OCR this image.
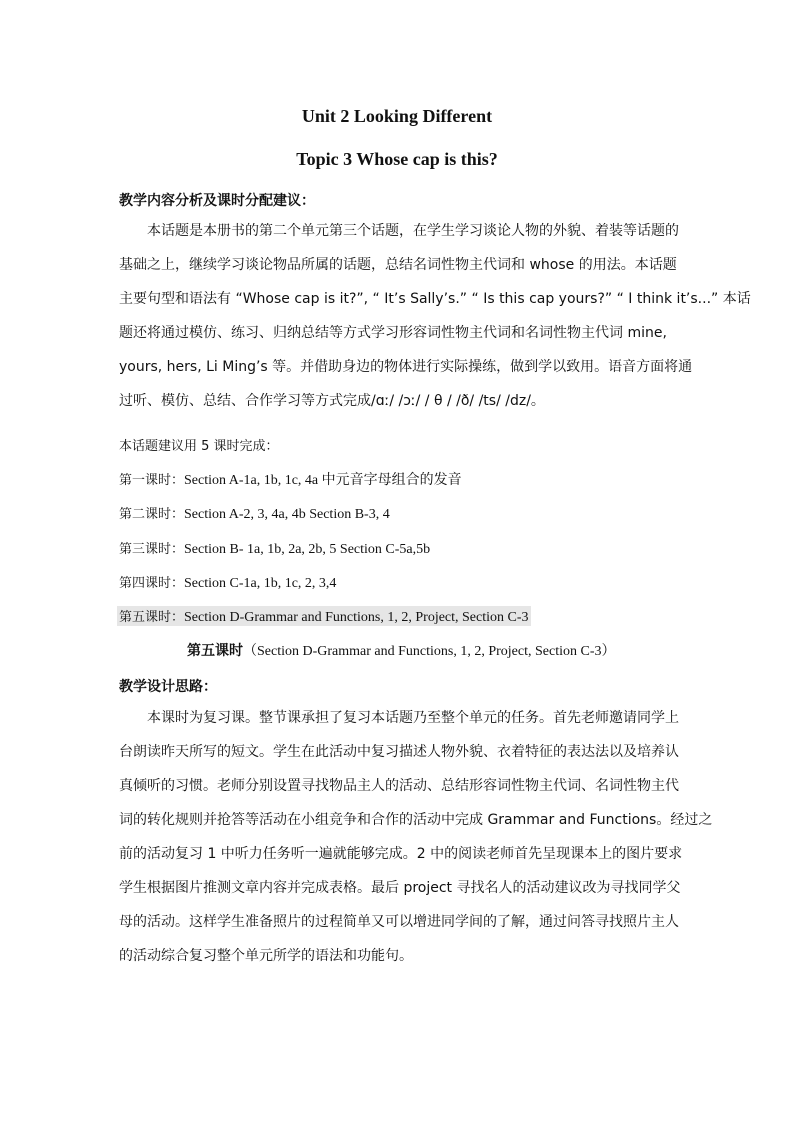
Unit 2 Looking Different
Topic 3 Whose cap is this?
教学内容分析及课时分配建议：
本话题是本册书的第二个单元第三个话题，在学生学习谈论人物的外貌、着装等话题的
基础之上，继续学习谈论物品所属的话题，总结名词性物主代词和 whose 的用法。本话题
主要句型和语法有 “Whose cap is it?”, “ It’s Sally’s.” “ Is this cap yours?” “ I think it’s...” 本话
题还将通过模仿、练习、归纳总结等方式学习形容词性物主代词和名词性物主代词 mine,
yours, hers, Li Ming’s 等。并借助身边的物体进行实际操练，做到学以致用。语音方面将通
过听、模仿、总结、合作学习等方式完成/ɑː/ /ɔː/ / θ / /ð/ /ts/ /dz/。
本话题建议用 5 课时完成：
第一课时：Section A-1a, 1b, 1c, 4a 中元音字母组合的发音
第二课时：Section A-2, 3, 4a, 4b Section B-3, 4
第三课时：Section B- 1a, 1b, 2a, 2b, 5 Section C-5a,5b
第四课时：Section C-1a, 1b, 1c, 2, 3,4
第五课时：Section D-Grammar and Functions, 1, 2, Project, Section C-3
第五课时（Section D-Grammar and Functions, 1, 2, Project, Section C-3）
教学设计思路：
本课时为复习课。整节课承担了复习本话题乃至整个单元的任务。首先老师邀请同学上
台朗读昨天所写的短文。学生在此活动中复习描述人物外貌、衣着特征的表达法以及培养认
真倾听的习惯。老师分别设置寻找物品主人的活动、总结形容词性物主代词、名词性物主代
词的转化规则并抢答等活动在小组竞争和合作的活动中完成 Grammar and Functions。经过之
前的活动复习 1 中听力任务听一遍就能够完成。2 中的阅读老师首先呈现课本上的图片要求
学生根据图片推测文章内容并完成表格。最后 project 寻找名人的活动建议改为寻找同学父
母的活动。这样学生准备照片的过程简单又可以增进同学间的了解，通过问答寻找照片主人
的活动综合复习整个单元所学的语法和功能句。
